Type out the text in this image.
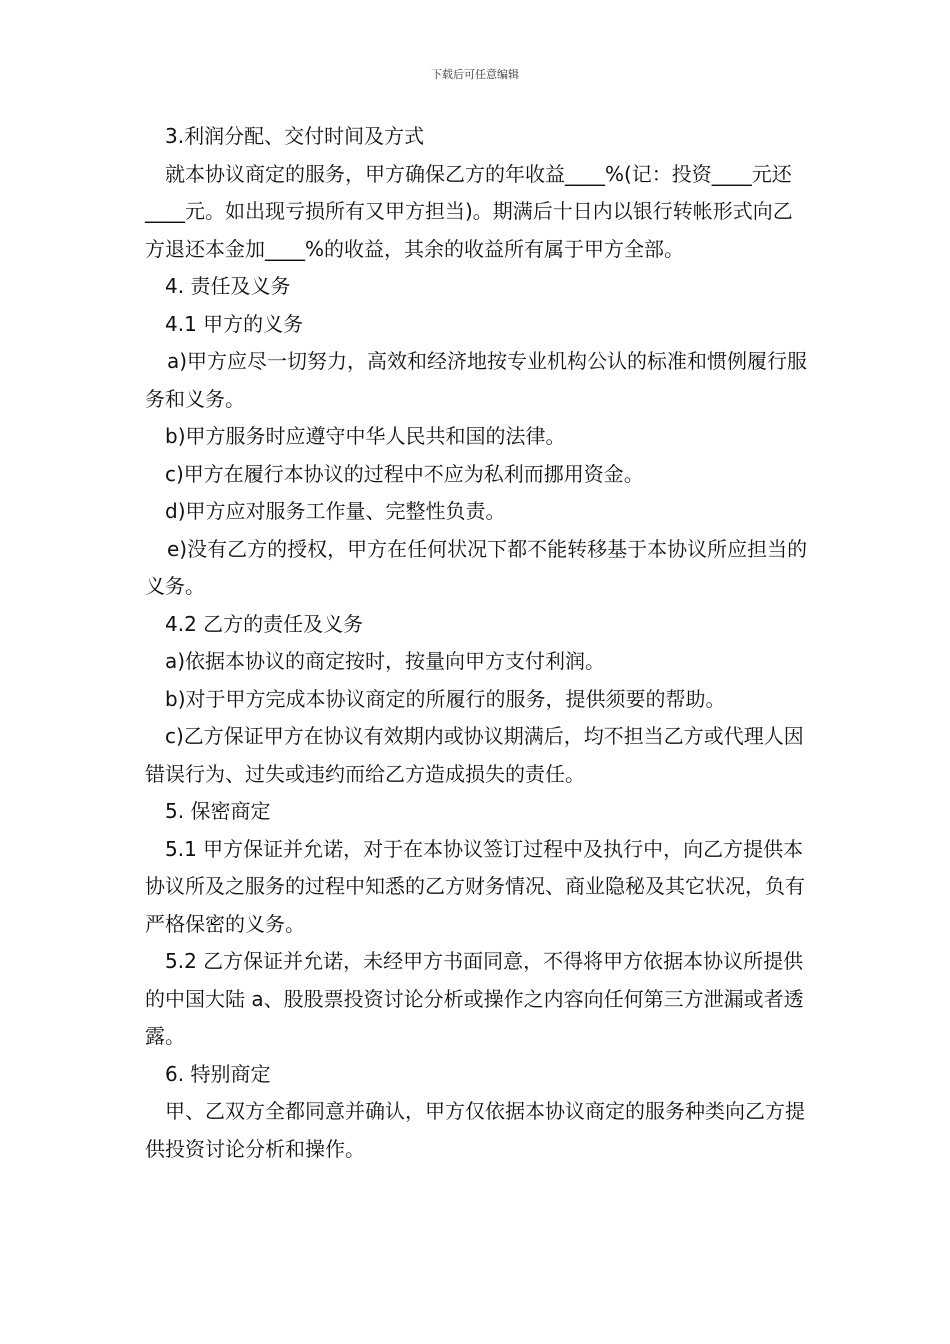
下载后可任意编辑

3.利润分配、交付时间及方式

就本协议商定的服务，甲方确保乙方的年收益____%(记：投资____元还____元。如出现亏损所有又甲方担当)。期满后十日内以银行转帐形式向乙方退还本金加____%的收益，其余的收益所有属于甲方全部。

4. 责任及义务

4.1 甲方的义务

a)甲方应尽一切努力，高效和经济地按专业机构公认的标准和惯例履行服务和义务。

b)甲方服务时应遵守中华人民共和国的法律。

c)甲方在履行本协议的过程中不应为私利而挪用资金。

d)甲方应对服务工作量、完整性负责。

e)没有乙方的授权，甲方在任何状况下都不能转移基于本协议所应担当的义务。

4.2 乙方的责任及义务

a)依据本协议的商定按时，按量向甲方支付利润。

b)对于甲方完成本协议商定的所履行的服务，提供须要的帮助。

c)乙方保证甲方在协议有效期内或协议期满后，均不担当乙方或代理人因错误行为、过失或违约而给乙方造成损失的责任。

5. 保密商定

5.1 甲方保证并允诺，对于在本协议签订过程中及执行中，向乙方提供本协议所及之服务的过程中知悉的乙方财务情况、商业隐秘及其它状况，负有严格保密的义务。

5.2 乙方保证并允诺，未经甲方书面同意，不得将甲方依据本协议所提供的中国大陆 a、股股票投资讨论分析或操作之内容向任何第三方泄漏或者透露。

6. 特别商定

甲、乙双方全都同意并确认，甲方仅依据本协议商定的服务种类向乙方提供投资讨论分析和操作。
